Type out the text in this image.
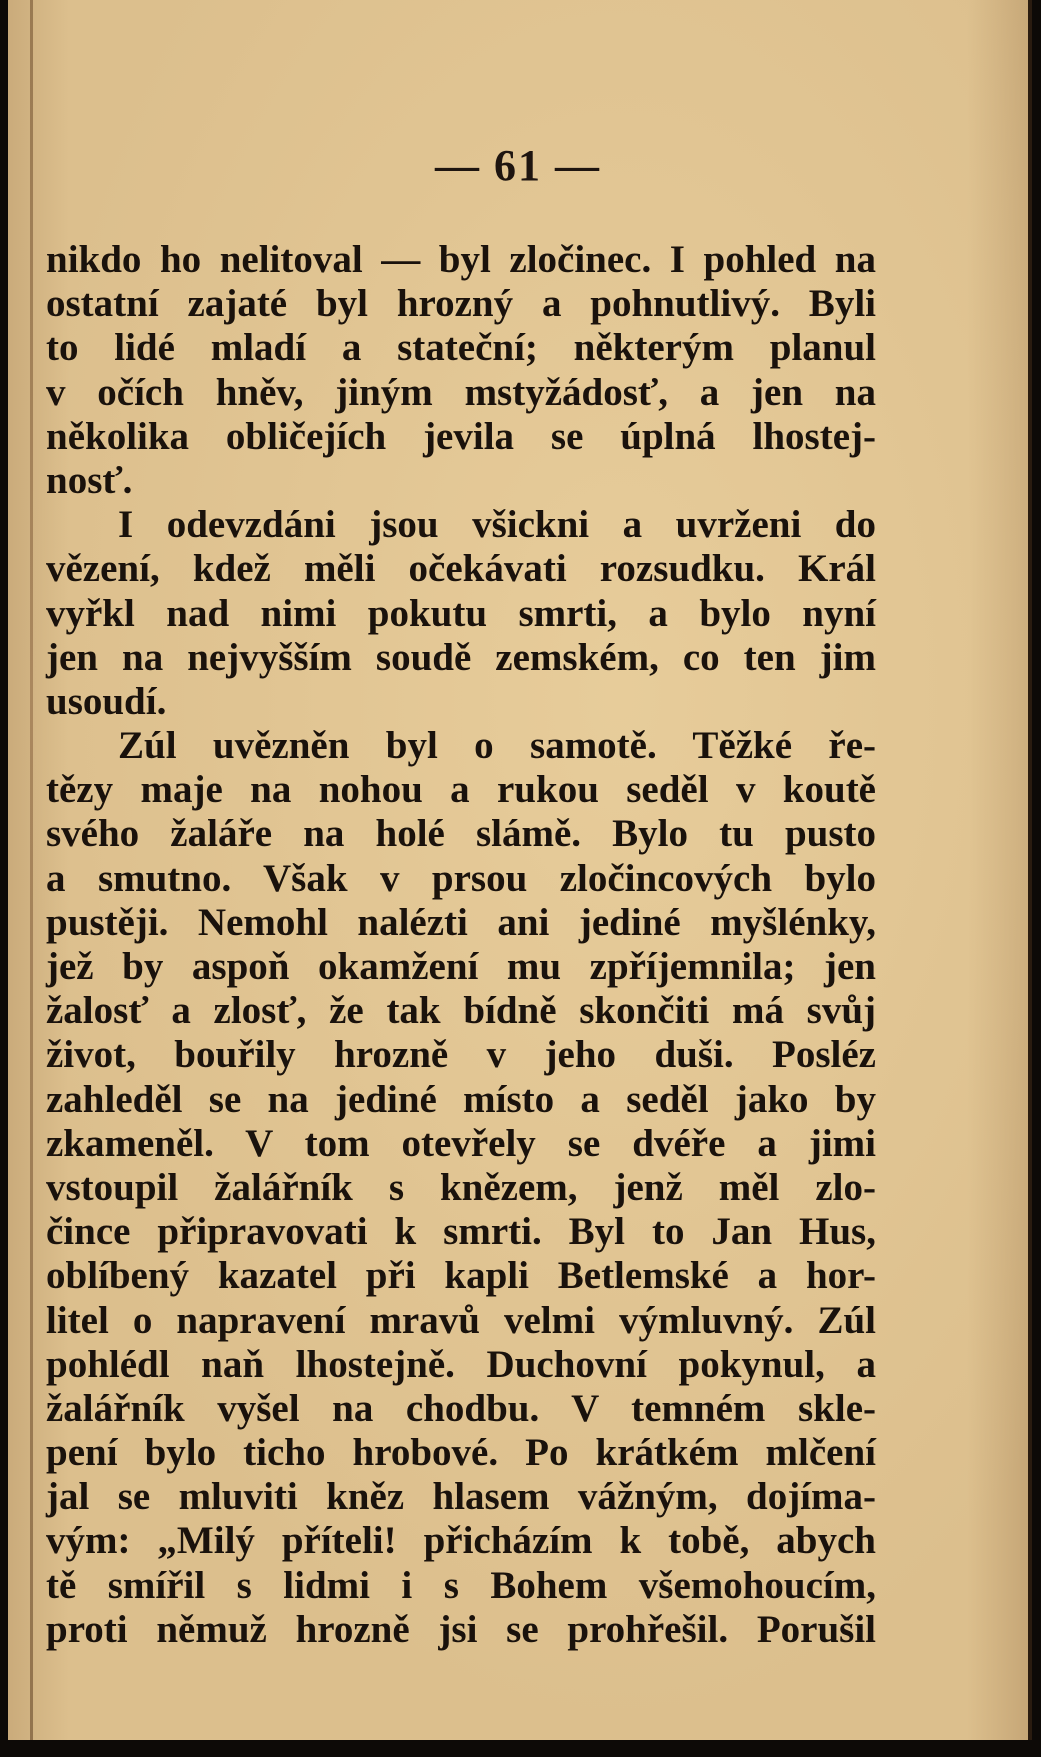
— 61 —
nikdo ho nelitoval — byl zločinec. I pohled na
ostatní zajaté byl hrozný a pohnutlivý. Byli
to lidé mladí a stateční; některým planul
v očích hněv, jiným mstyžádosť, a jen na
několika obličejích jevila se úplná lhostej-
nosť.
I odevzdáni jsou všickni a uvrženi do
vězení, kdež měli očekávati rozsudku. Král
vyřkl nad nimi pokutu smrti, a bylo nyní
jen na nejvyšším soudě zemském, co ten jim
usoudí.
Zúl uvězněn byl o samotě. Těžké ře-
tězy maje na nohou a rukou seděl v koutě
svého žaláře na holé slámě. Bylo tu pusto
a smutno. Však v prsou zločincových bylo
pustěji. Nemohl nalézti ani jediné myšlénky,
jež by aspoň okamžení mu zpříjemnila; jen
žalosť a zlosť, že tak bídně skončiti má svůj
život, bouřily hrozně v jeho duši. Posléz
zahleděl se na jediné místo a seděl jako by
zkameněl. V tom otevřely se dvéře a jimi
vstoupil žalářník s knězem, jenž měl zlo-
čince připravovati k smrti. Byl to Jan Hus,
oblíbený kazatel při kapli Betlemské a hor-
litel o napravení mravů velmi výmluvný. Zúl
pohlédl naň lhostejně. Duchovní pokynul, a
žalářník vyšel na chodbu. V temném skle-
pení bylo ticho hrobové. Po krátkém mlčení
jal se mluviti kněz hlasem vážným, dojíma-
vým: „Milý příteli! přicházím k tobě, abych
tě smířil s lidmi i s Bohem všemohoucím,
proti němuž hrozně jsi se prohřešil. Porušil
